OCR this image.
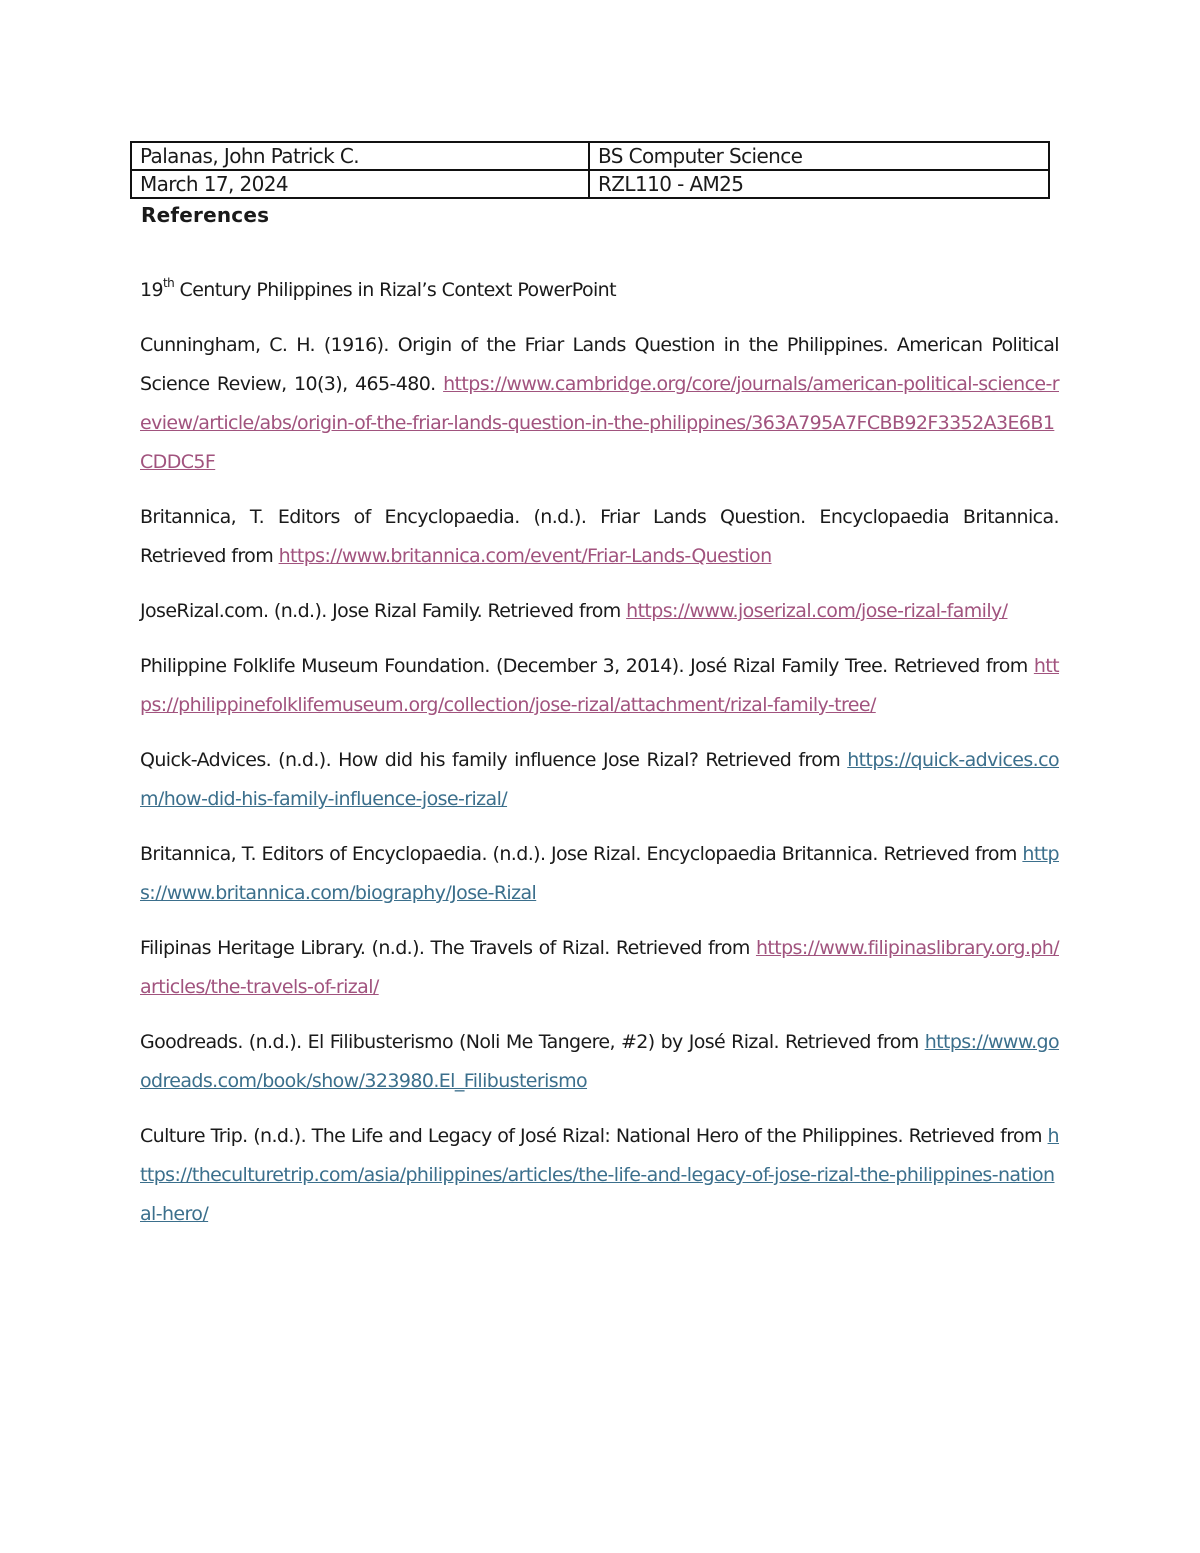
Palanas, John Patrick C.	BS Computer Science
March 17, 2024	RZL110 - AM25
References

19th Century Philippines in Rizal’s Context PowerPoint

Cunningham, C. H. (1916). Origin of the Friar Lands Question in the Philippines. American Political Science Review, 10(3), 465-480. https://www.cambridge.org/core/journals/american-political-science-review/article/abs/origin-of-the-friar-lands-question-in-the-philippines/363A795A7FCBB92F3352A3E6B1CDDC5F

Britannica, T. Editors of Encyclopaedia. (n.d.). Friar Lands Question. Encyclopaedia Britannica. Retrieved from https://www.britannica.com/event/Friar-Lands-Question

JoseRizal.com. (n.d.). Jose Rizal Family. Retrieved from https://www.joserizal.com/jose-rizal-family/

Philippine Folklife Museum Foundation. (December 3, 2014). José Rizal Family Tree. Retrieved from https://philippinefolklifemuseum.org/collection/jose-rizal/attachment/rizal-family-tree/

Quick-Advices. (n.d.). How did his family influence Jose Rizal? Retrieved from https://quick-advices.com/how-did-his-family-influence-jose-rizal/

Britannica, T. Editors of Encyclopaedia. (n.d.). Jose Rizal. Encyclopaedia Britannica. Retrieved from https://www.britannica.com/biography/Jose-Rizal

Filipinas Heritage Library. (n.d.). The Travels of Rizal. Retrieved from https://www.filipinaslibrary.org.ph/articles/the-travels-of-rizal/

Goodreads. (n.d.). El Filibusterismo (Noli Me Tangere, #2) by José Rizal. Retrieved from https://www.goodreads.com/book/show/323980.El_Filibusterismo

Culture Trip. (n.d.). The Life and Legacy of José Rizal: National Hero of the Philippines. Retrieved from https://theculturetrip.com/asia/philippines/articles/the-life-and-legacy-of-jose-rizal-the-philippines-national-hero/
